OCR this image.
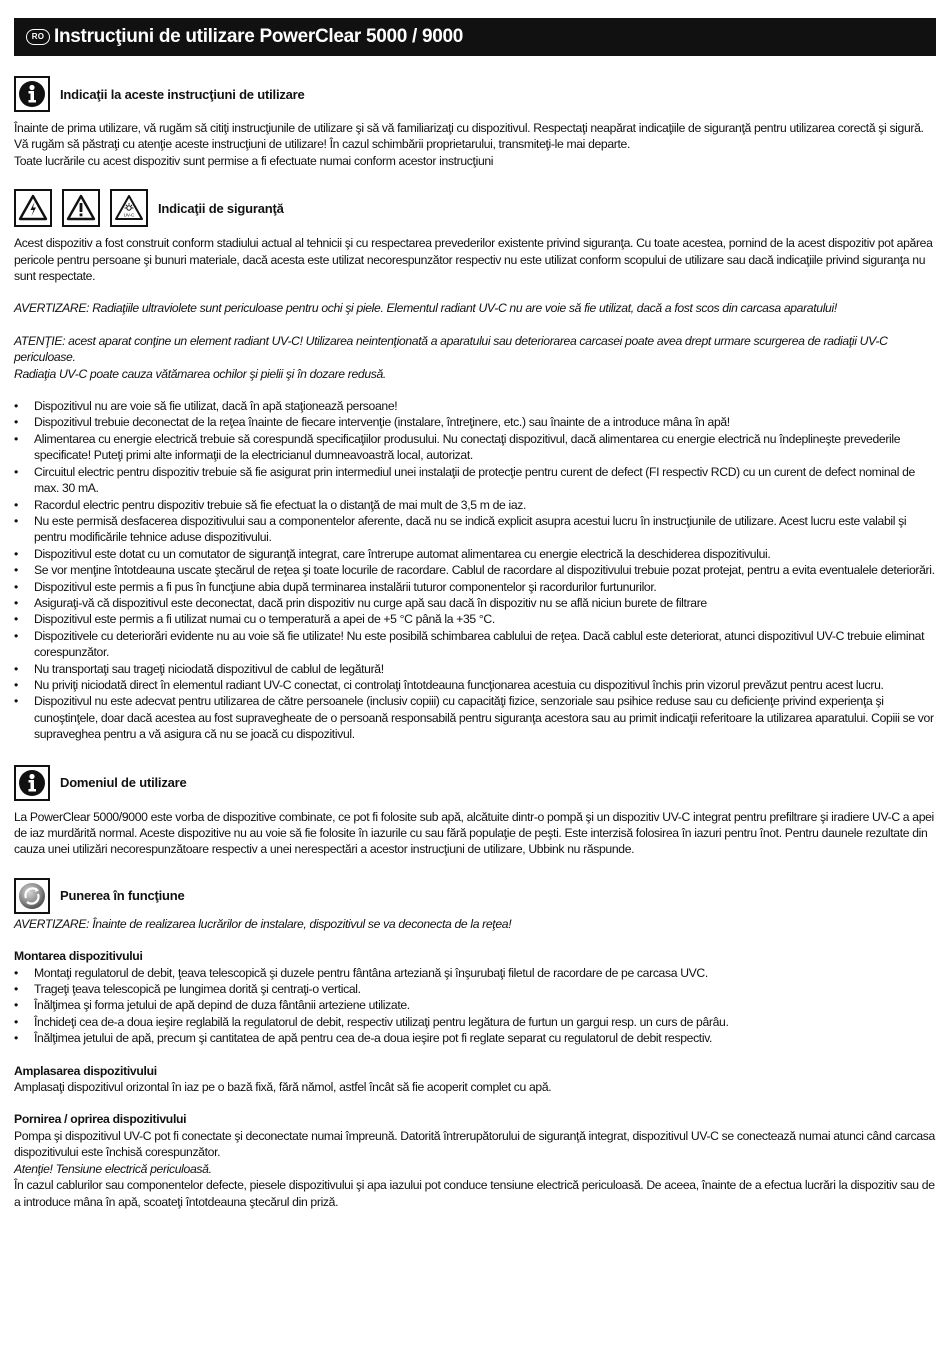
RO Instrucţiuni de utilizare PowerClear 5000 / 9000
Indicaţii la aceste instrucţiuni de utilizare

Înainte de prima utilizare, vă rugăm să citiţi instrucţiunile de utilizare şi să vă familiarizaţi cu dispozitivul. Respectaţi neapărat indicaţiile de siguranţă pentru utilizarea corectă şi sigură. Vă rugăm să păstraţi cu atenţie aceste instrucţiuni de utilizare! În cazul schimbării proprietarului, transmiteţi-le mai departe.

Toate lucrările cu acest dispozitiv sunt permise a fi efectuate numai conform acestor instrucţiuni

UV-C Indicaţii de siguranţă

Acest dispozitiv a fost construit conform stadiului actual al tehnicii şi cu respectarea prevederilor existente privind siguranţa. Cu toate acestea, pornind de la acest dispozitiv pot apărea pericole pentru persoane şi bunuri materiale, dacă acesta este utilizat necorespunzător respectiv nu este utilizat conform scopului de utilizare sau dacă indicaţiile privind siguranţa nu sunt respectate.

AVERTIZARE: Radiaţiile ultraviolete sunt periculoase pentru ochi şi piele. Elementul radiant UV-C nu are voie să fie utilizat, dacă a fost scos din carcasa aparatului!

ATENŢIE: acest aparat conţine un element radiant UV-C! Utilizarea neintenţionată a aparatului sau deteriorarea carcasei poate avea drept urmare scurgerea de radiaţii UV-C periculoase.

Radiaţia UV-C poate cauza vătămarea ochilor şi pielii şi în dozare redusă.

• Dispozitivul nu are voie să fie utilizat, dacă în apă staţionează persoane!
• Dispozitivul trebuie deconectat de la reţea înainte de fiecare intervenţie (instalare, întreţinere, etc.) sau înainte de a introduce mâna în apă!
• Alimentarea cu energie electrică trebuie să corespundă specificaţiilor produsului. Nu conectaţi dispozitivul, dacă alimentarea cu energie electrică nu îndeplineşte prevederile specificate! Puteţi primi alte informaţii de la electricianul dumneavoastră local, autorizat.
• Circuitul electric pentru dispozitiv trebuie să fie asigurat prin intermediul unei instalaţii de protecţie pentru curent de defect (FI respectiv RCD) cu un curent de defect nominal de max. 30 mA.
• Racordul electric pentru dispozitiv trebuie să fie efectuat la o distanţă de mai mult de 3,5 m de iaz.
• Nu este permisă desfacerea dispozitivului sau a componentelor aferente, dacă nu se indică explicit asupra acestui lucru în instrucţiunile de utilizare. Acest lucru este valabil şi pentru modificările tehnice aduse dispozitivului.
• Dispozitivul este dotat cu un comutator de siguranţă integrat, care întrerupe automat alimentarea cu energie electrică la deschiderea dispozitivului.
• Se vor menţine întotdeauna uscate ştecărul de reţea şi toate locurile de racordare. Cablul de racordare al dispozitivului trebuie pozat protejat, pentru a evita eventualele deteriorări.
• Dispozitivul este permis a fi pus în funcţiune abia după terminarea instalării tuturor componentelor şi racordurilor furtunurilor.
• Asiguraţi-vă că dispozitivul este deconectat, dacă prin dispozitiv nu curge apă sau dacă în dispozitiv nu se află niciun burete de filtrare
• Dispozitivul este permis a fi utilizat numai cu o temperatură a apei de +5 °C până la +35 °C.
• Dispozitivele cu deteriorări evidente nu au voie să fie utilizate! Nu este posibilă schimbarea cablului de reţea. Dacă cablul este deteriorat, atunci dispozitivul UV-C trebuie eliminat corespunzător.
• Nu transportaţi sau trageţi niciodată dispozitivul de cablul de legătură!
• Nu priviţi niciodată direct în elementul radiant UV-C conectat, ci controlaţi întotdeauna funcţionarea acestuia cu dispozitivul închis prin vizorul prevăzut pentru acest lucru.
• Dispozitivul nu este adecvat pentru utilizarea de către persoanele (inclusiv copiii) cu capacităţi fizice, senzoriale sau psihice reduse sau cu deficienţe privind experienţa şi cunoştinţele, doar dacă acestea au fost supravegheate de o persoană responsabilă pentru siguranţa acestora sau au primit indicaţii referitoare la utilizarea aparatului. Copiii se vor supraveghea pentru a vă asigura că nu se joacă cu dispozitivul.
Domeniul de utilizare

La PowerClear 5000/9000 este vorba de dispozitive combinate, ce pot fi folosite sub apă, alcătuite dintr-o pompă şi un dispozitiv UV-C integrat pentru prefiltrare şi iradiere UV-C a apei de iaz murdărită normal. Aceste dispozitive nu au voie să fie folosite în iazurile cu sau fără populaţie de peşti. Este interzisă folosirea în iazuri pentru înot. Pentru daunele rezultate din cauza unei utilizări necorespunzătoare respectiv a unei nerespectări a acestor instrucţiuni de utilizare, Ubbink nu răspunde.

Punerea în funcţiune

AVERTIZARE: Înainte de realizarea lucrărilor de instalare, dispozitivul se va deconecta de la reţea!

Montarea dispozitivului

• Montaţi regulatorul de debit, ţeava telescopică şi duzele pentru fântâna arteziană şi înşurubaţi filetul de racordare de pe carcasa UVC.
• Trageţi ţeava telescopică pe lungimea dorită şi centraţi-o vertical.
• Înălţimea şi forma jetului de apă depind de duza fântânii arteziene utilizate.
• Închideţi cea de-a doua ieşire reglabilă la regulatorul de debit, respectiv utilizaţi pentru legătura de furtun un gargui resp. un curs de pârâu.
• Înălţimea jetului de apă, precum şi cantitatea de apă pentru cea de-a doua ieşire pot fi reglate separat cu regulatorul de debit respectiv.

Amplasarea dispozitivului

Amplasaţi dispozitivul orizontal în iaz pe o bază fixă, fără nămol, astfel încât să fie acoperit complet cu apă.

Pornirea / oprirea dispozitivului

Pompa şi dispozitivul UV-C pot fi conectate şi deconectate numai împreună. Datorită întrerupătorului de siguranţă integrat, dispozitivul UV-C se conectează numai atunci când carcasa dispozitivului este închisă corespunzător.

Atenţie! Tensiune electrică periculoasă.

În cazul cablurilor sau componentelor defecte, piesele dispozitivului şi apa iazului pot conduce tensiune electrică periculoasă. De aceea, înainte de a efectua lucrări la dispozitiv sau de a introduce mâna în apă, scoateţi întotdeauna ştecărul din priză.
